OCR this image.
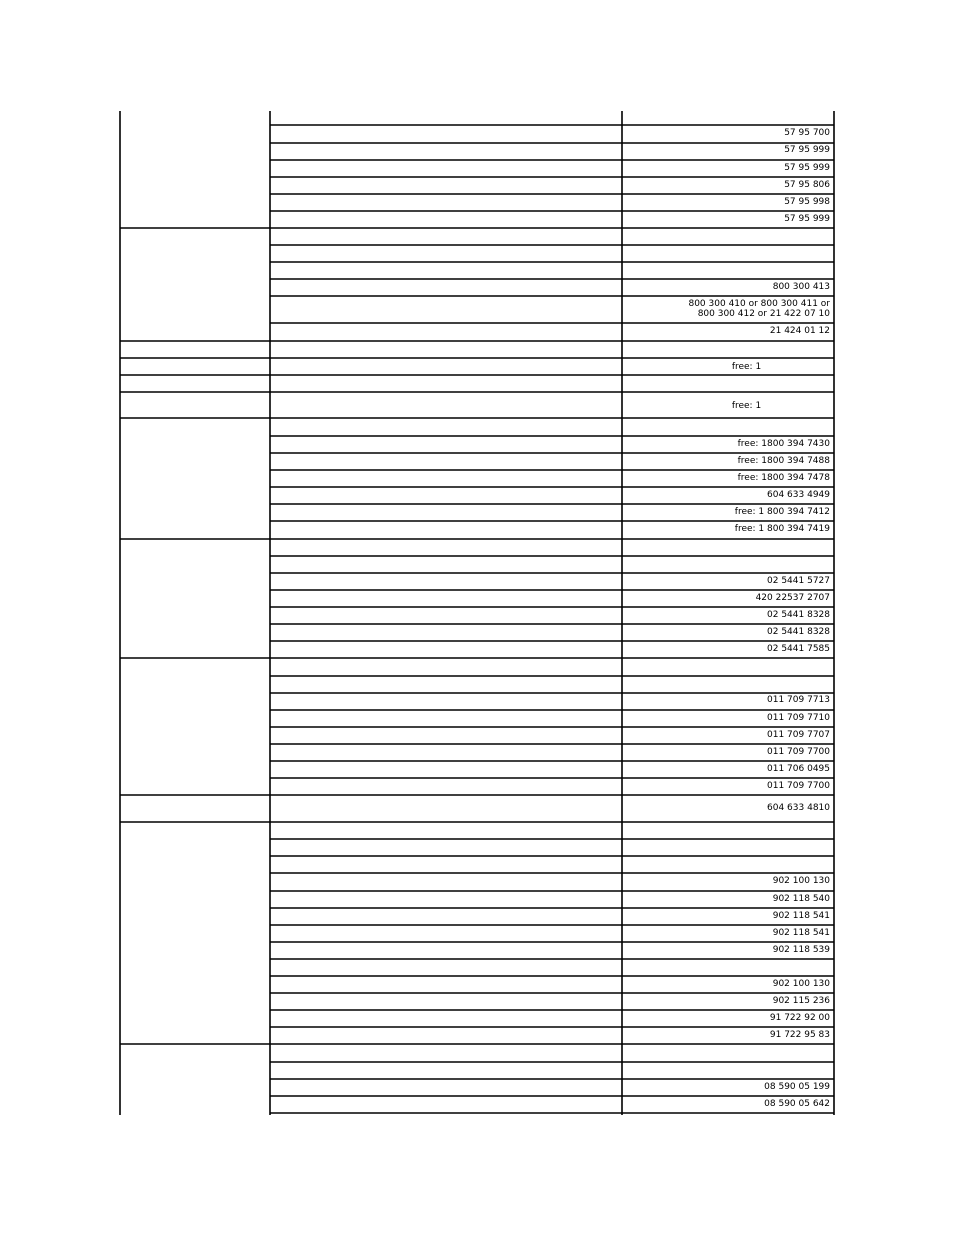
57 95 700
57 95 999
57 95 999
57 95 806
57 95 998
57 95 999
800 300 413
800 300 410 or 800 300 411 or
800 300 412 or 21 422 07 10
21 424 01 12
free: 1
free: 1
free: 1800 394 7430
free: 1800 394 7488
free: 1800 394 7478
604 633 4949
free: 1 800 394 7412
free: 1 800 394 7419
02 5441 5727
420 22537 2707
02 5441 8328
02 5441 8328
02 5441 7585
011 709 7713
011 709 7710
011 709 7707
011 709 7700
011 706 0495
011 709 7700
604 633 4810
902 100 130
902 118 540
902 118 541
902 118 541
902 118 539
902 100 130
902 115 236
91 722 92 00
91 722 95 83
08 590 05 199
08 590 05 642
